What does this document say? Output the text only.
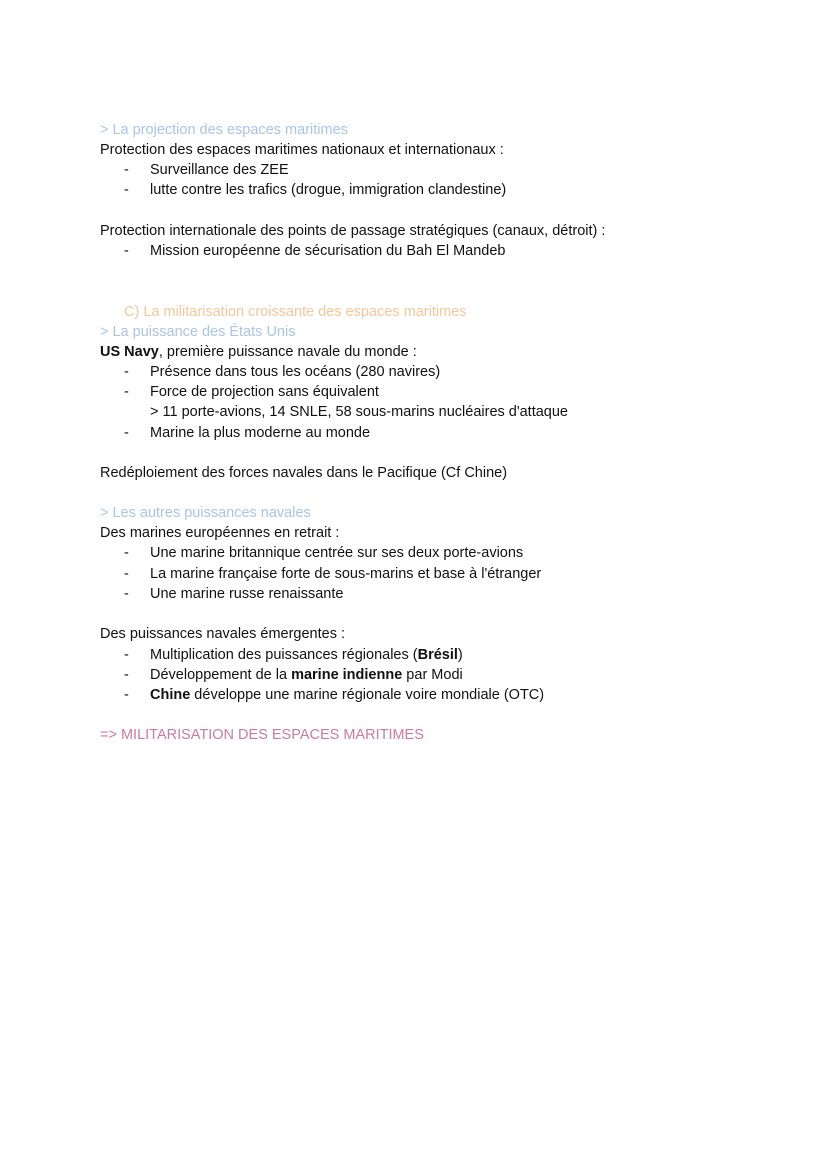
> La projection des espaces maritimes
Protection des espaces maritimes nationaux et internationaux :
- Surveillance des ZEE
- lutte contre les trafics (drogue, immigration clandestine)
Protection internationale des points de passage stratégiques (canaux, détroit) :
- Mission européenne de sécurisation du Bah El Mandeb
C) La militarisation croissante des espaces maritimes
> La puissance des États Unis
US Navy, première puissance navale du monde :
- Présence dans tous les océans (280 navires)
- Force de projection sans équivalent
> 11 porte-avions, 14 SNLE, 58 sous-marins nucléaires d'attaque
- Marine la plus moderne au monde
Redéploiement des forces navales dans le Pacifique (Cf Chine)
> Les autres puissances navales
Des marines européennes en retrait :
- Une marine britannique centrée sur ses deux porte-avions
- La marine française forte de sous-marins et base à l'étranger
- Une marine russe renaissante
Des puissances navales émergentes :
- Multiplication des puissances régionales (Brésil)
- Développement de la marine indienne par Modi
- Chine développe une marine régionale voire mondiale (OTC)
=> MILITARISATION DES ESPACES MARITIMES
